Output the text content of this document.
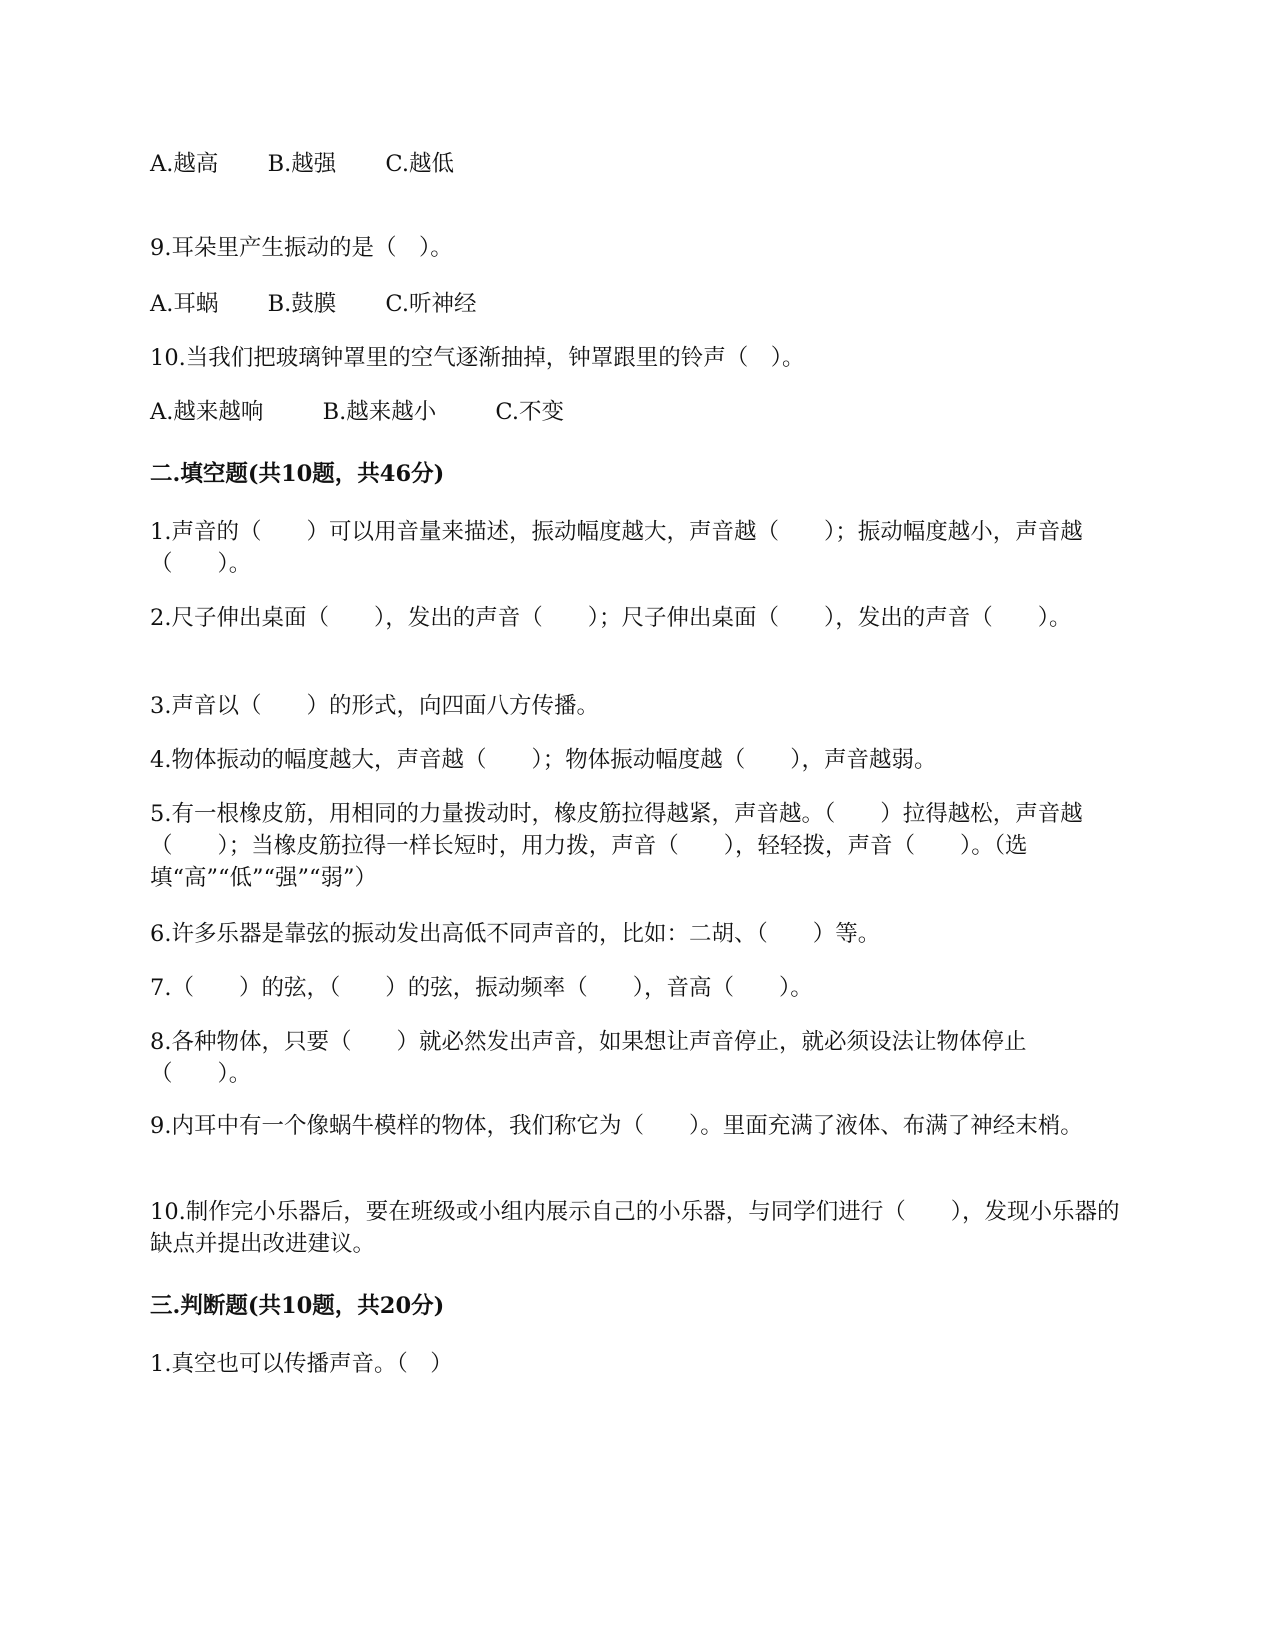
A.越高 B.越强 C.越低
9.耳朵里产生振动的是（　）。
A.耳蜗 B.鼓膜 C.听神经
10.当我们把玻璃钟罩里的空气逐渐抽掉，钟罩跟里的铃声（　）。
A.越来越响	B.越来越小	C.不变
二.填空题(共10题，共46分)
1.声音的（　　）可以用音量来描述，振动幅度越大，声音越（　　）；振动幅度越小，声音越（　　）。
2.尺子伸出桌面（　　），发出的声音（　　）；尺子伸出桌面（　　），发出的声音（　　）。
3.声音以（　　）的形式，向四面八方传播。
4.物体振动的幅度越大，声音越（　　）；物体振动幅度越（　　），声音越弱。
5.有一根橡皮筋，用相同的力量拨动时，橡皮筋拉得越紧，声音越。（　　）拉得越松，声音越（　　）；当橡皮筋拉得一样长短时，用力拨，声音（　　），轻轻拨，声音（　　）。（选填“高”“低”“强”“弱”）
6.许多乐器是靠弦的振动发出高低不同声音的，比如：二胡、（　　）等。
7.（　　）的弦，（　　）的弦，振动频率（　　），音高（　　）。
8.各种物体，只要（　　）就必然发出声音，如果想让声音停止，就必须设法让物体停止（　　）。
9.内耳中有一个像蜗牛模样的物体，我们称它为（　　）。里面充满了液体、布满了神经末梢。
10.制作完小乐器后，要在班级或小组内展示自己的小乐器，与同学们进行（　　），发现小乐器的缺点并提出改进建议。
三.判断题(共10题，共20分)
1.真空也可以传播声音。（　）
